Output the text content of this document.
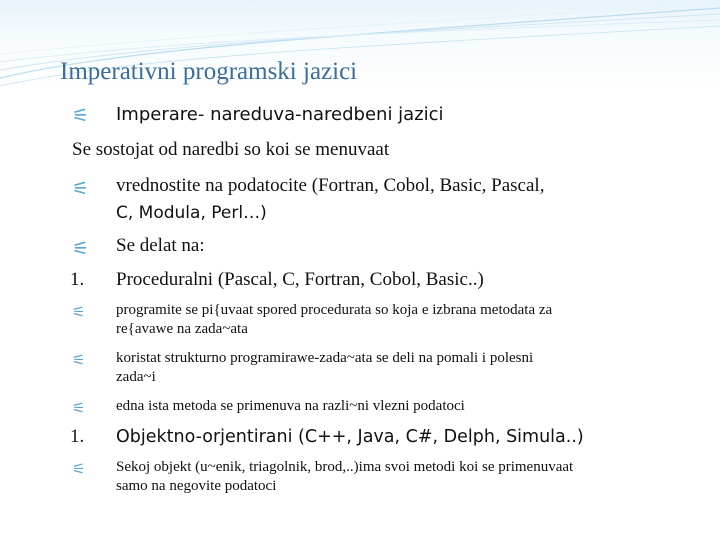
Imperativni programski jazici
⚟ Imperare- nareduva-naredbeni jazici
Se sostojat od naredbi so koi se menuvaat
⚟ vrednostite na podatocite (Fortran, Cobol, Basic, Pascal,
C, Modula, Perl…)
⚟ Se delat na:
1. Proceduralni (Pascal, C, Fortran, Cobol, Basic..)
⚟ programite se pi{uvaat spored procedurata so koja e izbrana metodata za
re{avawe na zada~ata
⚟ koristat strukturno programirawe-zada~ata se deli na pomali i polesni
zada~i
⚟ edna ista metoda se primenuva na razli~ni vlezni podatoci
1. Objektno-orjentirani (C++, Java, C#, Delph, Simula..)
⚟ Sekoj objekt (u~enik, triagolnik, brod,..)ima svoi metodi koi se primenuvaat
samo na negovite podatoci
